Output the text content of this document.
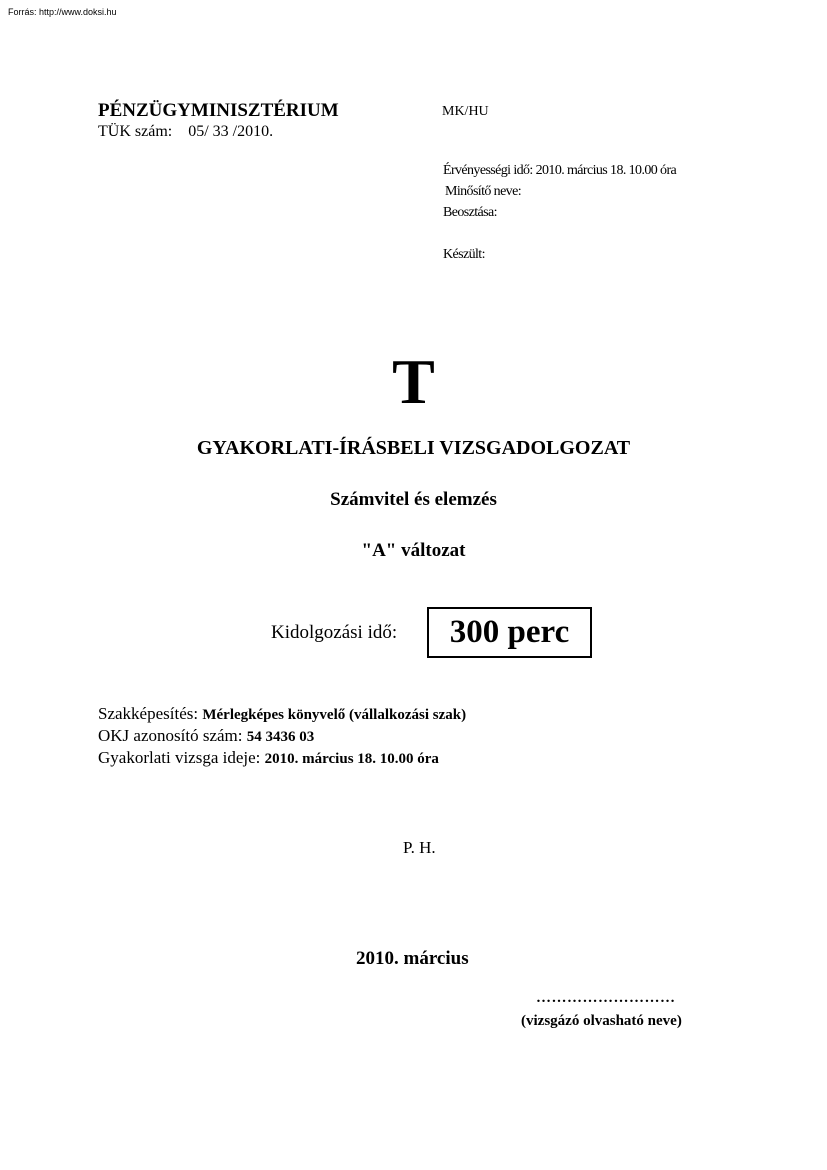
Forrás: http://www.doksi.hu
PÉNZÜGYMINISZTÉRIUM
TÜK szám: 05/ 33 /2010.
MK/HU
Érvényességi idő: 2010. március 18. 10.00 óra
Minősítő neve:
Beosztása:
Készült:
T
GYAKORLATI-ÍRÁSBELI VIZSGADOLGOZAT
Számvitel és elemzés
"A" változat
Kidolgozási idő:	300 perc
Szakképesítés: Mérlegképes könyvelő (vállalkozási szak)
OKJ azonosító szám: 54 3436 03
Gyakorlati vizsga ideje: 2010. március 18. 10.00 óra
P. H.
2010. március
………………………
(vizsgázó olvasható neve)
